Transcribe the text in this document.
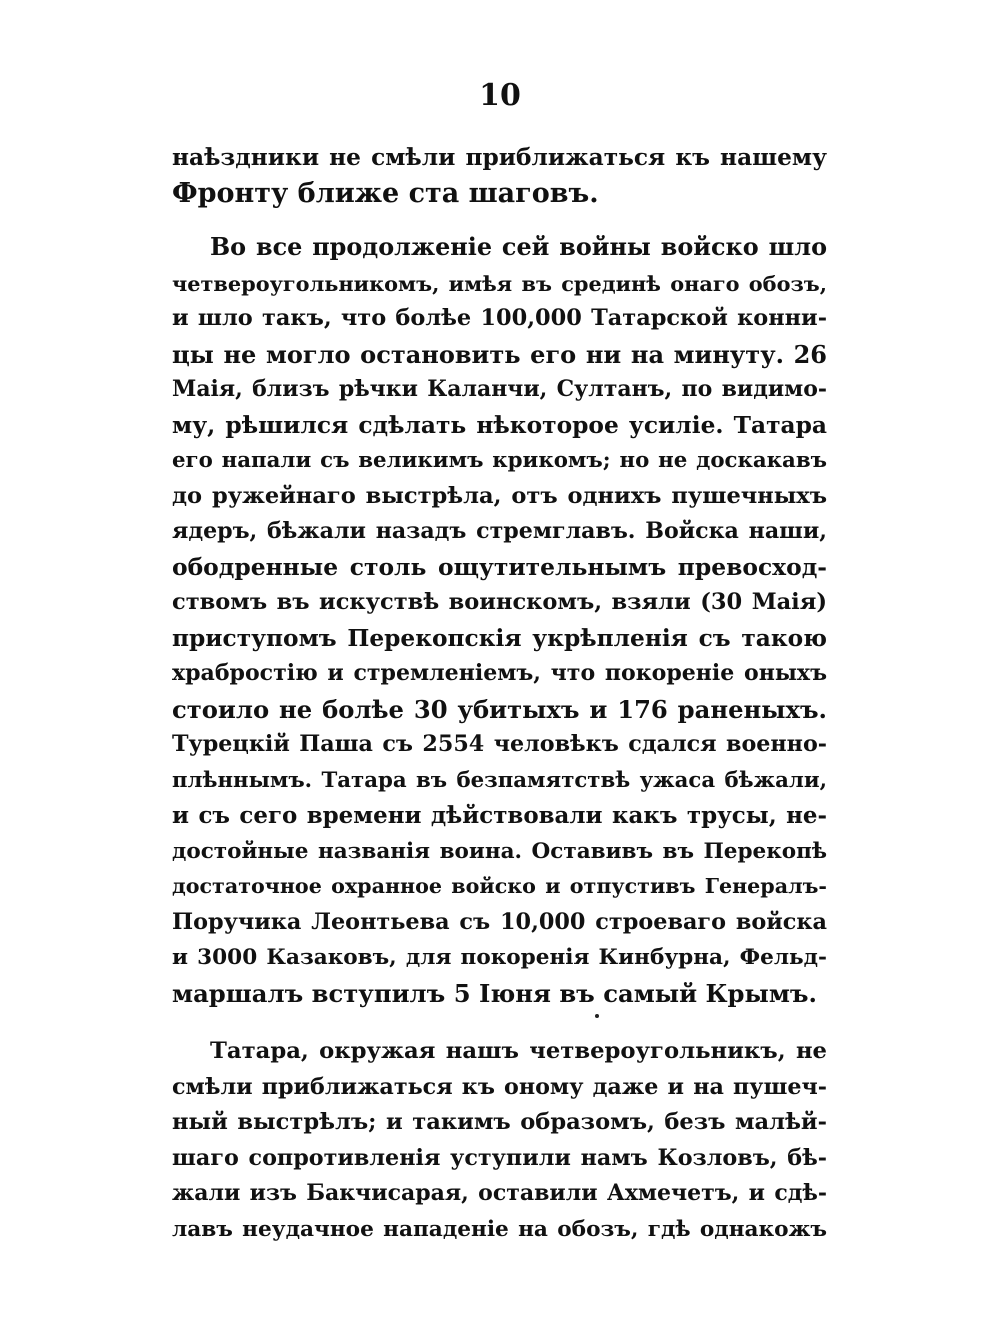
10
наѣздники не смѣли приближаться къ нашему
Фронту ближе ста шаговъ.
Во все продолженіе сей войны войско шло
четвероугольникомъ, имѣя въ срединѣ онаго обозъ,
и шло такъ, что болѣе 100,000 Татарской конни-
цы не могло остановить его ни на минуту. 26
Маія, близъ рѣчки Каланчи, Султанъ, по видимо-
му, рѣшился сдѣлать нѣкоторое усиліе. Татара
его напали съ великимъ крикомъ; но не доскакавъ
до ружейнаго выстрѣла, отъ однихъ пушечныхъ
ядеръ, бѣжали назадъ стремглавъ. Войска наши,
ободренные столь ощутительнымъ превосход-
ствомъ въ искуствѣ воинскомъ, взяли (30 Маія)
приступомъ Перекопскія укрѣпленія съ такою
храбростію и стремленіемъ, что покореніе оныхъ
стоило не болѣе 30 убитыхъ и 176 раненыхъ.
Турецкій Паша съ 2554 человѣкъ сдался военно-
плѣннымъ. Татара въ безпамятствѣ ужаса бѣжали,
и съ сего времени дѣйствовали какъ трусы, не-
достойные названія воина. Оставивъ въ Перекопѣ
достаточное охранное войско и отпустивъ Генералъ-
Поручика Леонтьева съ 10,000 строеваго войска
и 3000 Казаковъ, для покоренія Кинбурна, Фельд-
маршалъ вступилъ 5 Іюня въ самый Крымъ.
Татара, окружая нашъ четвероугольникъ, не
смѣли приближаться къ оному даже и на пушеч-
ный выстрѣлъ; и такимъ образомъ, безъ малѣй-
шаго сопротивленія уступили намъ Козловъ, бѣ-
жали изъ Бакчисарая, оставили Ахмечетъ, и сдѣ-
лавъ неудачное нападеніе на обозъ, гдѣ однакожъ
